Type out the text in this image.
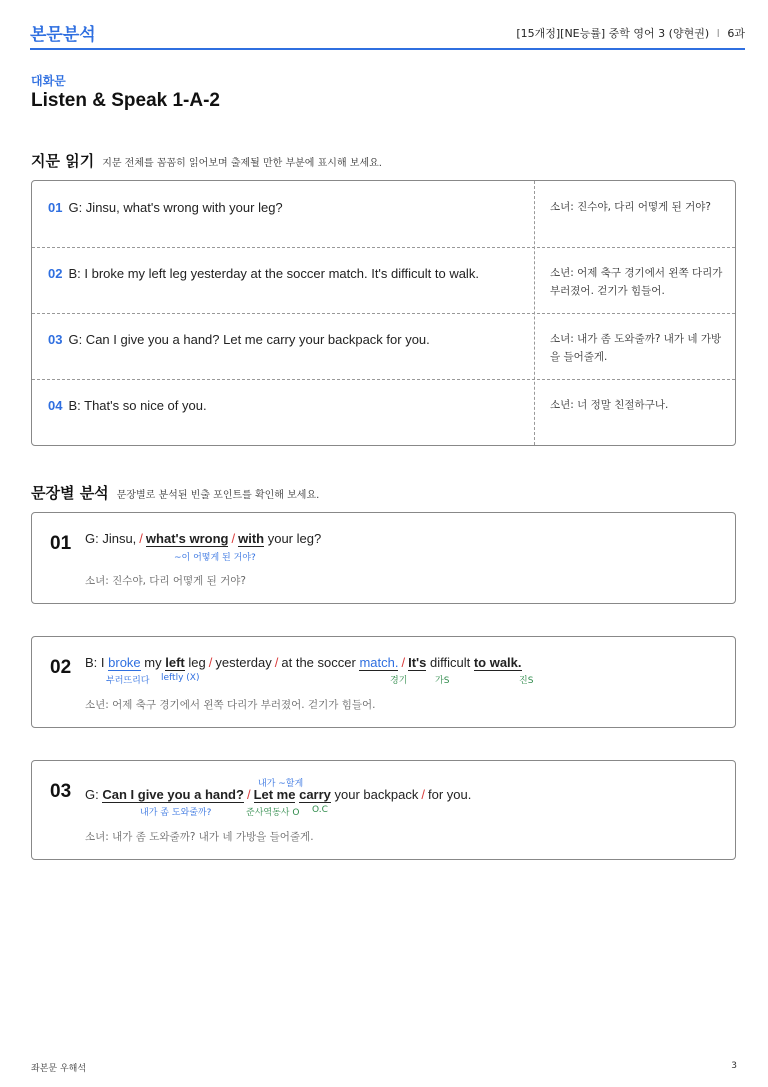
본문분석	[15개정][NE능률] 중학 영어 3 (양현권) I 6과
대화문
Listen & Speak 1-A-2
지문 읽기 지문 전체를 꼼꼼히 읽어보며 출제될 만한 부분에 표시해 보세요.
01 G: Jinsu, what's wrong with your leg?	소녀: 진수야, 다리 어떻게 된 거야?
02 B: I broke my left leg yesterday at the soccer match. It's difficult to walk.	소년: 어제 축구 경기에서 왼쪽 다리가 부러졌어. 걷기가 힘들어.
03 G: Can I give you a hand? Let me carry your backpack for you.	소녀: 내가 좀 도와줄까? 내가 네 가방을 들어줄게.
04 B: That's so nice of you.	소년: 너 정말 친절하구나.
문장별 분석 문장별로 분석된 빈출 포인트를 확인해 보세요.
01 G: Jinsu, / what's wrong / with your leg?
~이 어떻게 된 거야?
소녀: 진수야, 다리 어떻게 된 거야?
02 B: I broke my left leg / yesterday / at the soccer match. / It's difficult to walk.
부러뜨리다 leftly (X)	경기	가S	진S
소년: 어제 축구 경기에서 왼쪽 다리가 부러졌어. 걷기가 힘들어.
내가 ~할게
03 G: Can I give you a hand? / Let me carry your backpack / for you.
내가 좀 도와줄까?	준사역동사 O O.C
소녀: 내가 좀 도와줄까? 내가 네 가방을 들어줄게.
좌본문 우해석	3
